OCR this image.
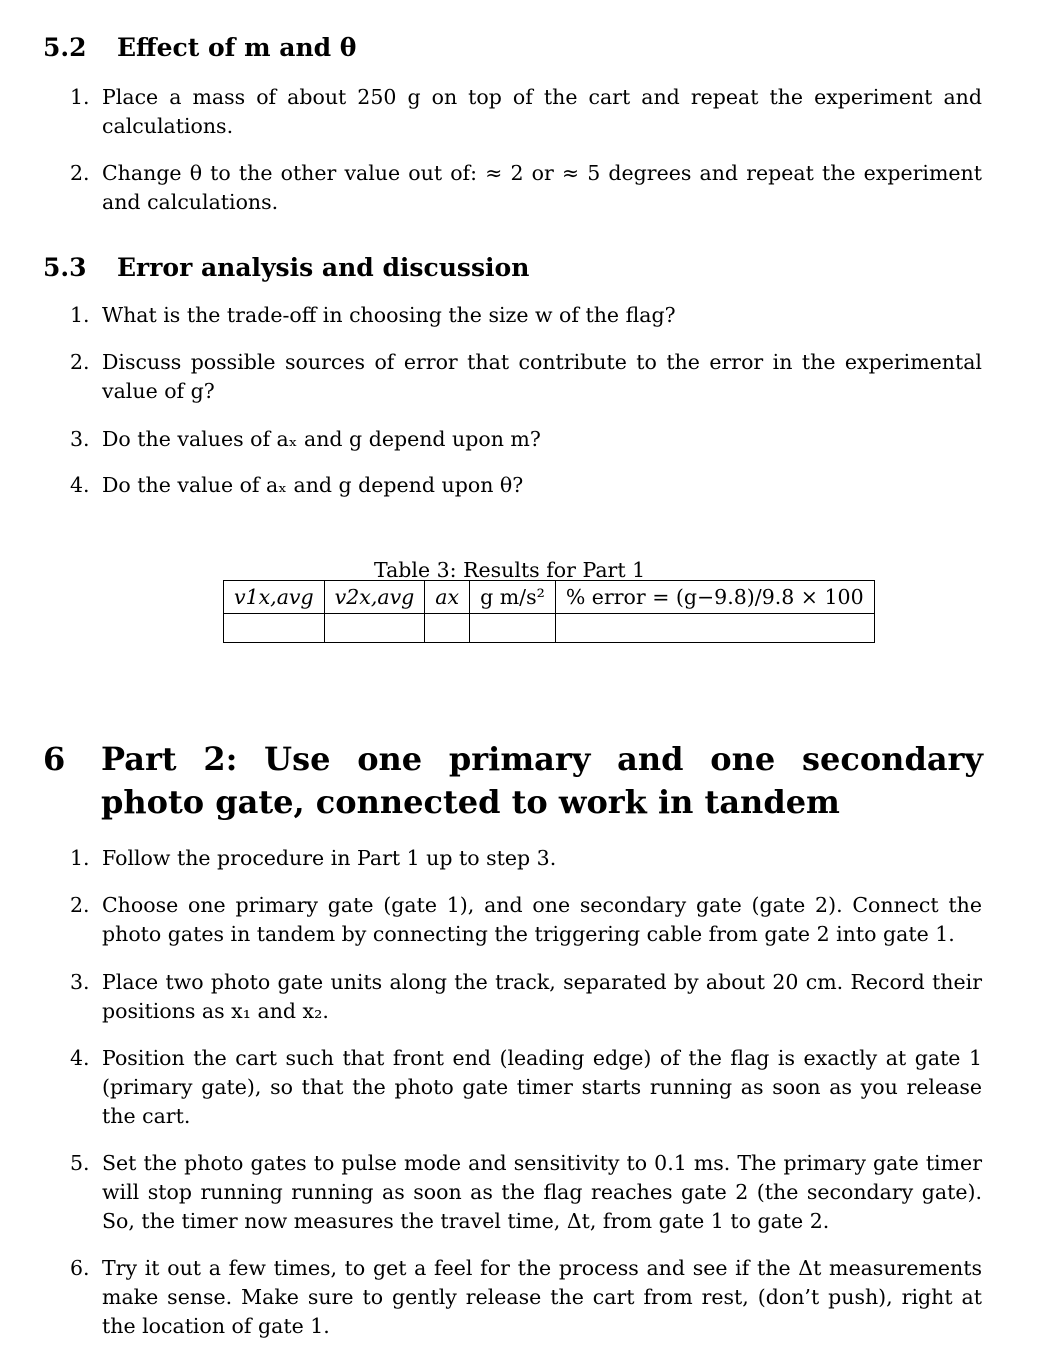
5.2 Effect of m and θ
1. Place a mass of about 250 g on top of the cart and repeat the experiment and calculations.
2. Change θ to the other value out of: ≈ 2 or ≈ 5 degrees and repeat the experiment and calculations.
5.3 Error analysis and discussion
1. What is the trade-off in choosing the size w of the flag?
2. Discuss possible sources of error that contribute to the error in the experimental value of g?
3. Do the values of aₓ and g depend upon m?
4. Do the value of aₓ and g depend upon θ?
Table 3: Results for Part 1
v1x,avg	v2x,avg	ax	g m/s²	% error = (g−9.8)/9.8 × 100

6 Part 2: Use one primary and one secondary photo gate, connected to work in tandem
1. Follow the procedure in Part 1 up to step 3.
2. Choose one primary gate (gate 1), and one secondary gate (gate 2). Connect the photo gates in tandem by connecting the triggering cable from gate 2 into gate 1.
3. Place two photo gate units along the track, separated by about 20 cm. Record their positions as x₁ and x₂.
4. Position the cart such that front end (leading edge) of the flag is exactly at gate 1 (primary gate), so that the photo gate timer starts running as soon as you release the cart.
5. Set the photo gates to pulse mode and sensitivity to 0.1 ms. The primary gate timer will stop running running as soon as the flag reaches gate 2 (the secondary gate). So, the timer now measures the travel time, Δt, from gate 1 to gate 2.
6. Try it out a few times, to get a feel for the process and see if the Δt measurements make sense. Make sure to gently release the cart from rest, (don’t push), right at the location of gate 1.
